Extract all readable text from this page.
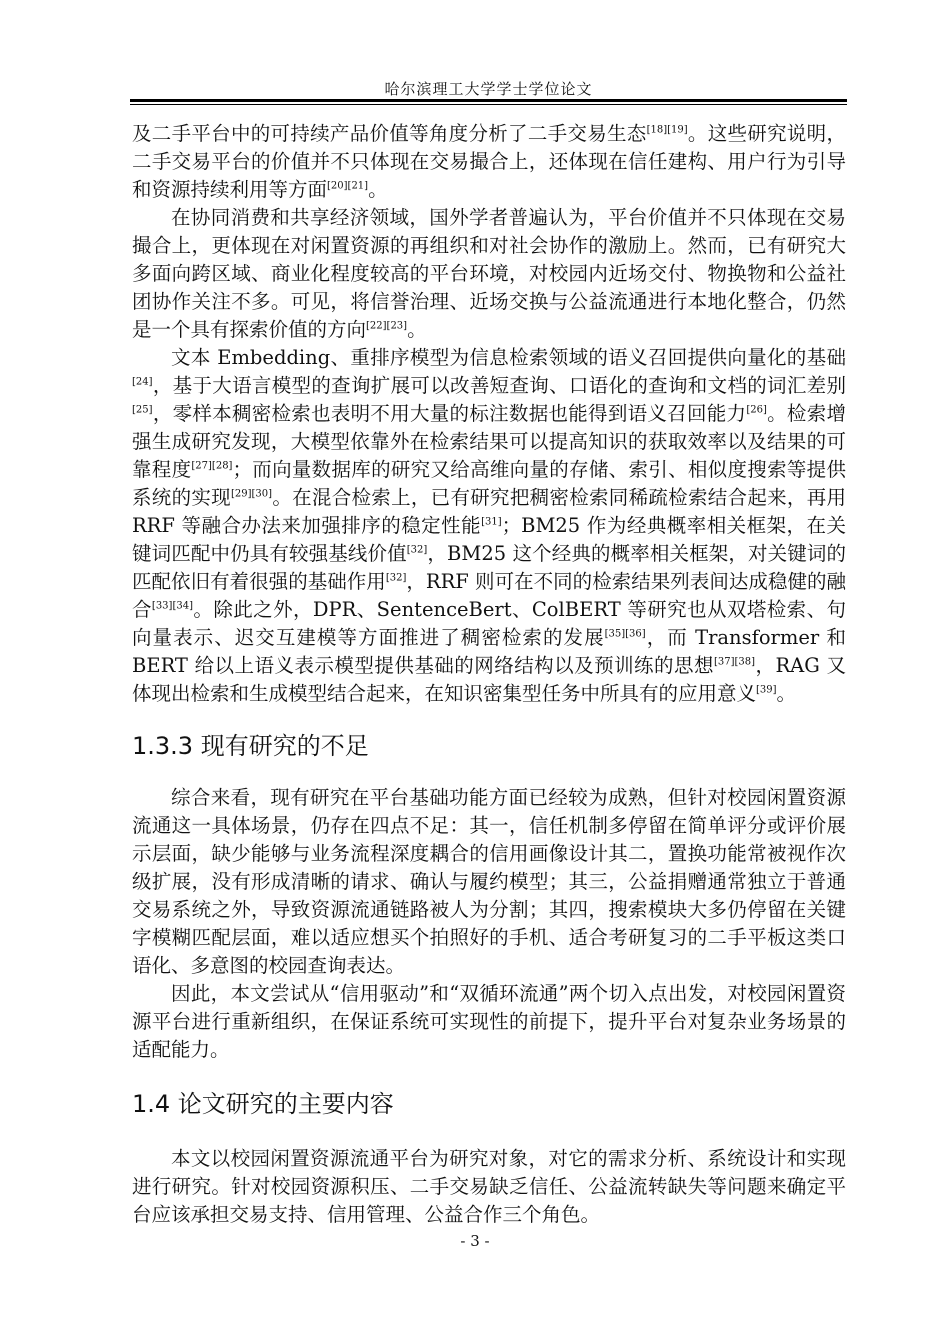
哈尔滨理工大学学士学位论文

及二手平台中的可持续产品价值等角度分析了二手交易生态[18][19]。这些研究说明，二手交易平台的价值并不只体现在交易撮合上，还体现在信任建构、用户行为引导和资源持续利用等方面[20][21]。

在协同消费和共享经济领域，国外学者普遍认为，平台价值并不只体现在交易撮合上，更体现在对闲置资源的再组织和对社会协作的激励上。然而，已有研究大多面向跨区域、商业化程度较高的平台环境，对校园内近场交付、物换物和公益社团协作关注不多。可见，将信誉治理、近场交换与公益流通进行本地化整合，仍然是一个具有探索价值的方向[22][23]。

文本 Embedding、重排序模型为信息检索领域的语义召回提供向量化的基础[24]，基于大语言模型的查询扩展可以改善短查询、口语化的查询和文档的词汇差别[25]，零样本稠密检索也表明不用大量的标注数据也能得到语义召回能力[26]。检索增强生成研究发现，大模型依靠外在检索结果可以提高知识的获取效率以及结果的可靠程度[27][28]；而向量数据库的研究又给高维向量的存储、索引、相似度搜索等提供系统的实现[29][30]。在混合检索上，已有研究把稠密检索同稀疏检索结合起来，再用 RRF 等融合办法来加强排序的稳定性能[31]；BM25 作为经典概率相关框架，在关键词匹配中仍具有较强基线价值[32]，BM25 这个经典的概率相关框架，对关键词的匹配依旧有着很强的基础作用[32]，RRF 则可在不同的检索结果列表间达成稳健的融合[33][34]。除此之外，DPR、SentenceBert、ColBERT 等研究也从双塔检索、句向量表示、迟交互建模等方面推进了稠密检索的发展[35][36]，而 Transformer 和 BERT 给以上语义表示模型提供基础的网络结构以及预训练的思想[37][38]，RAG 又体现出检索和生成模型结合起来，在知识密集型任务中所具有的应用意义[39]。

1.3.3 现有研究的不足

综合来看，现有研究在平台基础功能方面已经较为成熟，但针对校园闲置资源流通这一具体场景，仍存在四点不足：其一，信任机制多停留在简单评分或评价展示层面，缺少能够与业务流程深度耦合的信用画像设计其二，置换功能常被视作次级扩展，没有形成清晰的请求、确认与履约模型；其三，公益捐赠通常独立于普通交易系统之外，导致资源流通链路被人为分割；其四，搜索模块大多仍停留在关键字模糊匹配层面，难以适应想买个拍照好的手机、适合考研复习的二手平板这类口语化、多意图的校园查询表达。

因此，本文尝试从“信用驱动”和“双循环流通”两个切入点出发，对校园闲置资源平台进行重新组织，在保证系统可实现性的前提下，提升平台对复杂业务场景的适配能力。

1.4 论文研究的主要内容

本文以校园闲置资源流通平台为研究对象，对它的需求分析、系统设计和实现进行研究。针对校园资源积压、二手交易缺乏信任、公益流转缺失等问题来确定平台应该承担交易支持、信用管理、公益合作三个角色。

- 3 -
